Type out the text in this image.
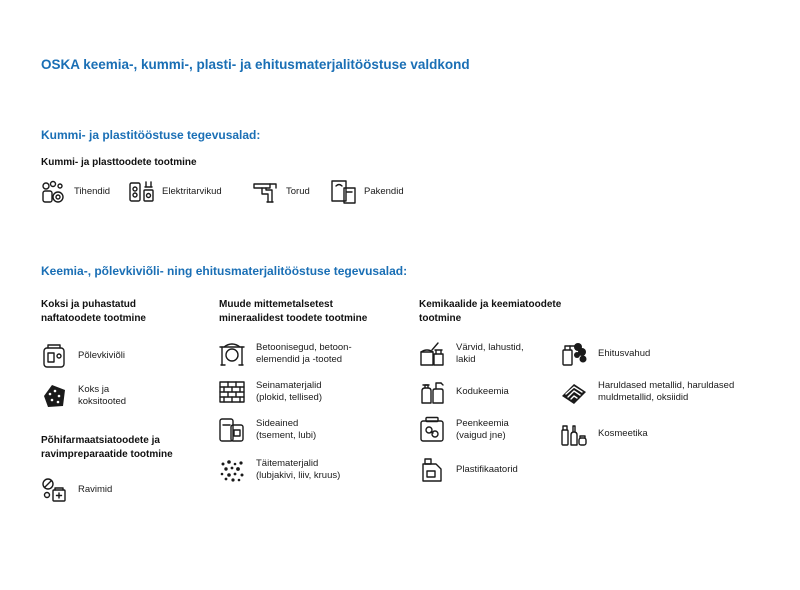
OSKA keemia-, kummi-, plasti- ja ehitusmaterjalitööstuse valdkond
Kummi- ja plastitööstuse tegevusalad:
Kummi- ja plasttoodete tootmine
Tihendid	Elektritarvikud	Torud	Pakendid
Keemia-, põlevkiviõli- ning ehitusmaterjalitööstuse tegevusalad:
Koksi ja puhastatud
naftatoodete tootmine
Põlevkiviõli
Koks ja
koksitooted
Põhifarmaatsiatoodete ja
ravimpreparaatide tootmine
Ravimid
Muude mittemetalsetest
mineraalidest toodete tootmine
Betoonisegud, betoon-
elemendid ja -tooted
Seinamaterjalid
(plokid, tellised)
Sideained
(tsement, lubi)
Täitematerjalid
(lubjakivi, liiv, kruus)
Kemikaalide ja keemiatoodete
tootmine
Värvid, lahustid,
lakid
Kodukeemia
Peenkeemia
(vaigud jne)
Plastifikaatorid
Ehitusvahud
Haruldased metallid, haruldased
muldmetallid, oksiidid
Kosmeetika
